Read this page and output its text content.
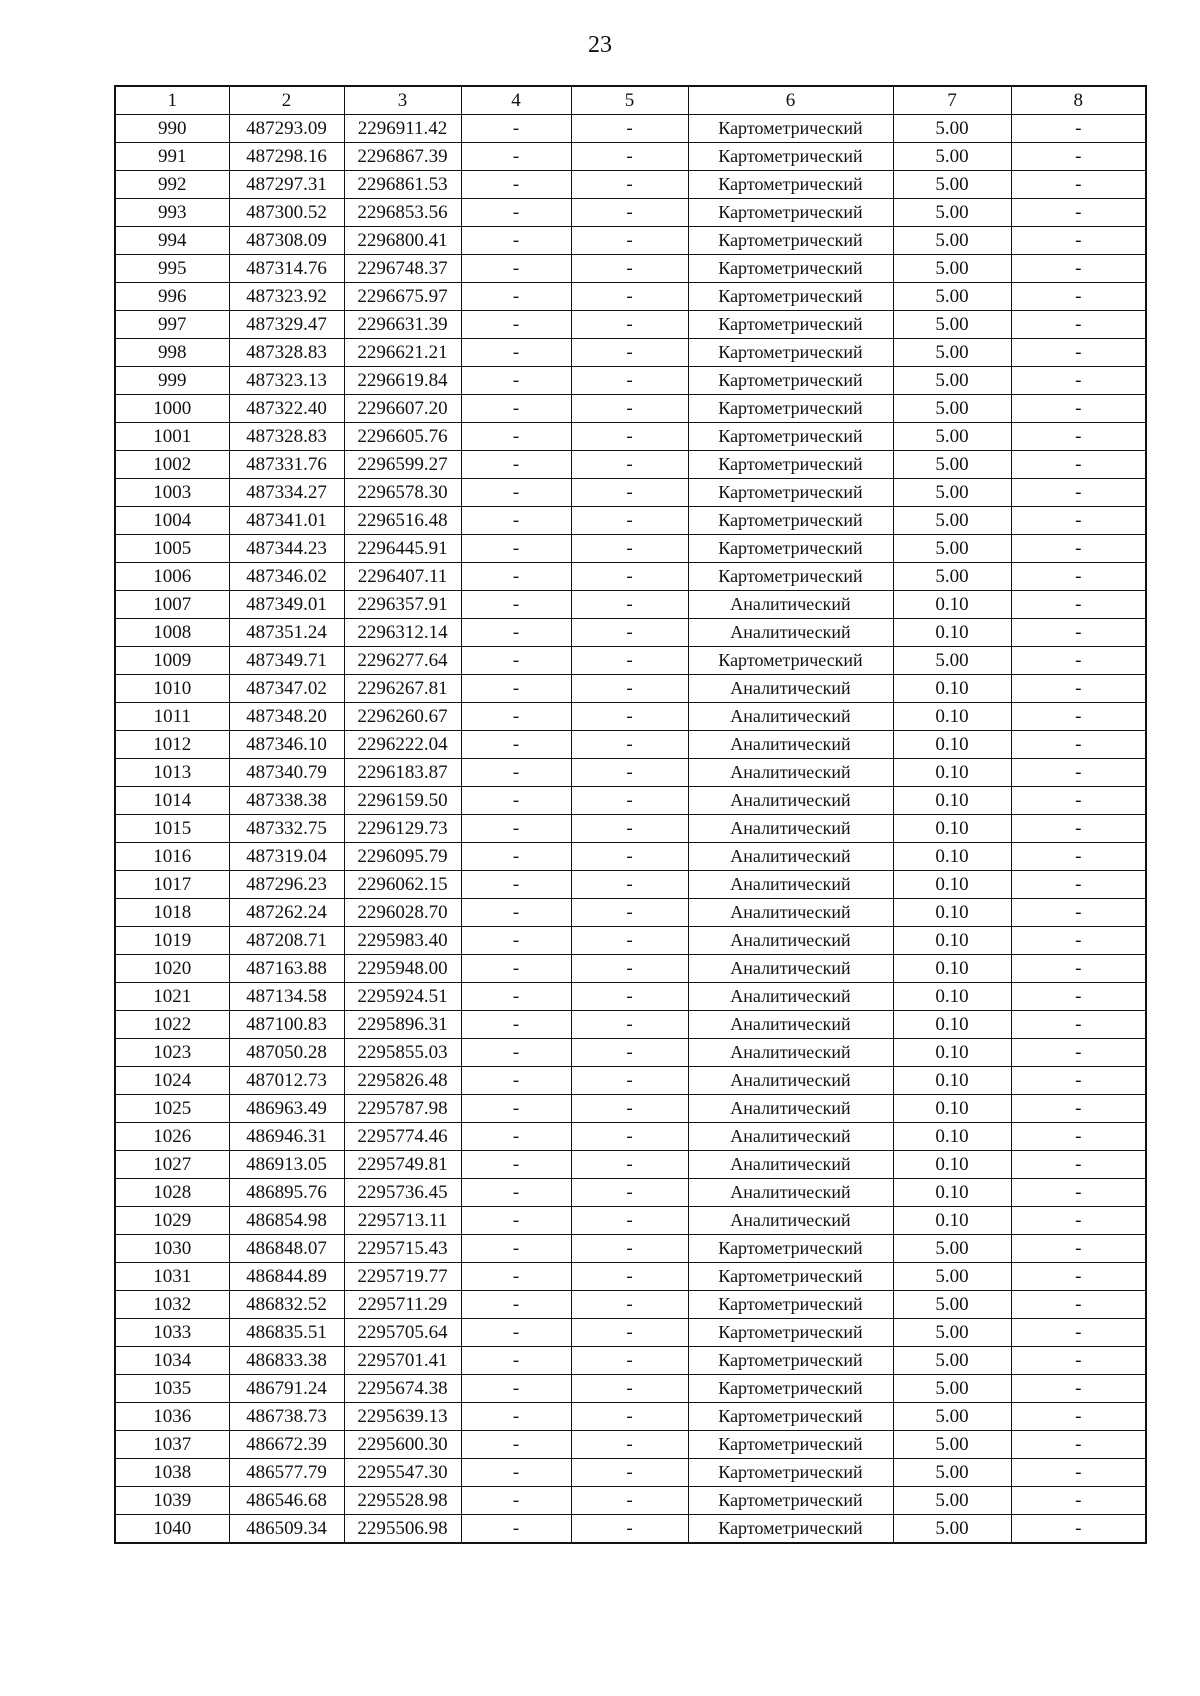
23
1	2	3	4	5	6	7	8
990	487293.09	2296911.42	-	-	Картометрический	5.00	-
991	487298.16	2296867.39	-	-	Картометрический	5.00	-
992	487297.31	2296861.53	-	-	Картометрический	5.00	-
993	487300.52	2296853.56	-	-	Картометрический	5.00	-
994	487308.09	2296800.41	-	-	Картометрический	5.00	-
995	487314.76	2296748.37	-	-	Картометрический	5.00	-
996	487323.92	2296675.97	-	-	Картометрический	5.00	-
997	487329.47	2296631.39	-	-	Картометрический	5.00	-
998	487328.83	2296621.21	-	-	Картометрический	5.00	-
999	487323.13	2296619.84	-	-	Картометрический	5.00	-
1000	487322.40	2296607.20	-	-	Картометрический	5.00	-
1001	487328.83	2296605.76	-	-	Картометрический	5.00	-
1002	487331.76	2296599.27	-	-	Картометрический	5.00	-
1003	487334.27	2296578.30	-	-	Картометрический	5.00	-
1004	487341.01	2296516.48	-	-	Картометрический	5.00	-
1005	487344.23	2296445.91	-	-	Картометрический	5.00	-
1006	487346.02	2296407.11	-	-	Картометрический	5.00	-
1007	487349.01	2296357.91	-	-	Аналитический	0.10	-
1008	487351.24	2296312.14	-	-	Аналитический	0.10	-
1009	487349.71	2296277.64	-	-	Картометрический	5.00	-
1010	487347.02	2296267.81	-	-	Аналитический	0.10	-
1011	487348.20	2296260.67	-	-	Аналитический	0.10	-
1012	487346.10	2296222.04	-	-	Аналитический	0.10	-
1013	487340.79	2296183.87	-	-	Аналитический	0.10	-
1014	487338.38	2296159.50	-	-	Аналитический	0.10	-
1015	487332.75	2296129.73	-	-	Аналитический	0.10	-
1016	487319.04	2296095.79	-	-	Аналитический	0.10	-
1017	487296.23	2296062.15	-	-	Аналитический	0.10	-
1018	487262.24	2296028.70	-	-	Аналитический	0.10	-
1019	487208.71	2295983.40	-	-	Аналитический	0.10	-
1020	487163.88	2295948.00	-	-	Аналитический	0.10	-
1021	487134.58	2295924.51	-	-	Аналитический	0.10	-
1022	487100.83	2295896.31	-	-	Аналитический	0.10	-
1023	487050.28	2295855.03	-	-	Аналитический	0.10	-
1024	487012.73	2295826.48	-	-	Аналитический	0.10	-
1025	486963.49	2295787.98	-	-	Аналитический	0.10	-
1026	486946.31	2295774.46	-	-	Аналитический	0.10	-
1027	486913.05	2295749.81	-	-	Аналитический	0.10	-
1028	486895.76	2295736.45	-	-	Аналитический	0.10	-
1029	486854.98	2295713.11	-	-	Аналитический	0.10	-
1030	486848.07	2295715.43	-	-	Картометрический	5.00	-
1031	486844.89	2295719.77	-	-	Картометрический	5.00	-
1032	486832.52	2295711.29	-	-	Картометрический	5.00	-
1033	486835.51	2295705.64	-	-	Картометрический	5.00	-
1034	486833.38	2295701.41	-	-	Картометрический	5.00	-
1035	486791.24	2295674.38	-	-	Картометрический	5.00	-
1036	486738.73	2295639.13	-	-	Картометрический	5.00	-
1037	486672.39	2295600.30	-	-	Картометрический	5.00	-
1038	486577.79	2295547.30	-	-	Картометрический	5.00	-
1039	486546.68	2295528.98	-	-	Картометрический	5.00	-
1040	486509.34	2295506.98	-	-	Картометрический	5.00	-
